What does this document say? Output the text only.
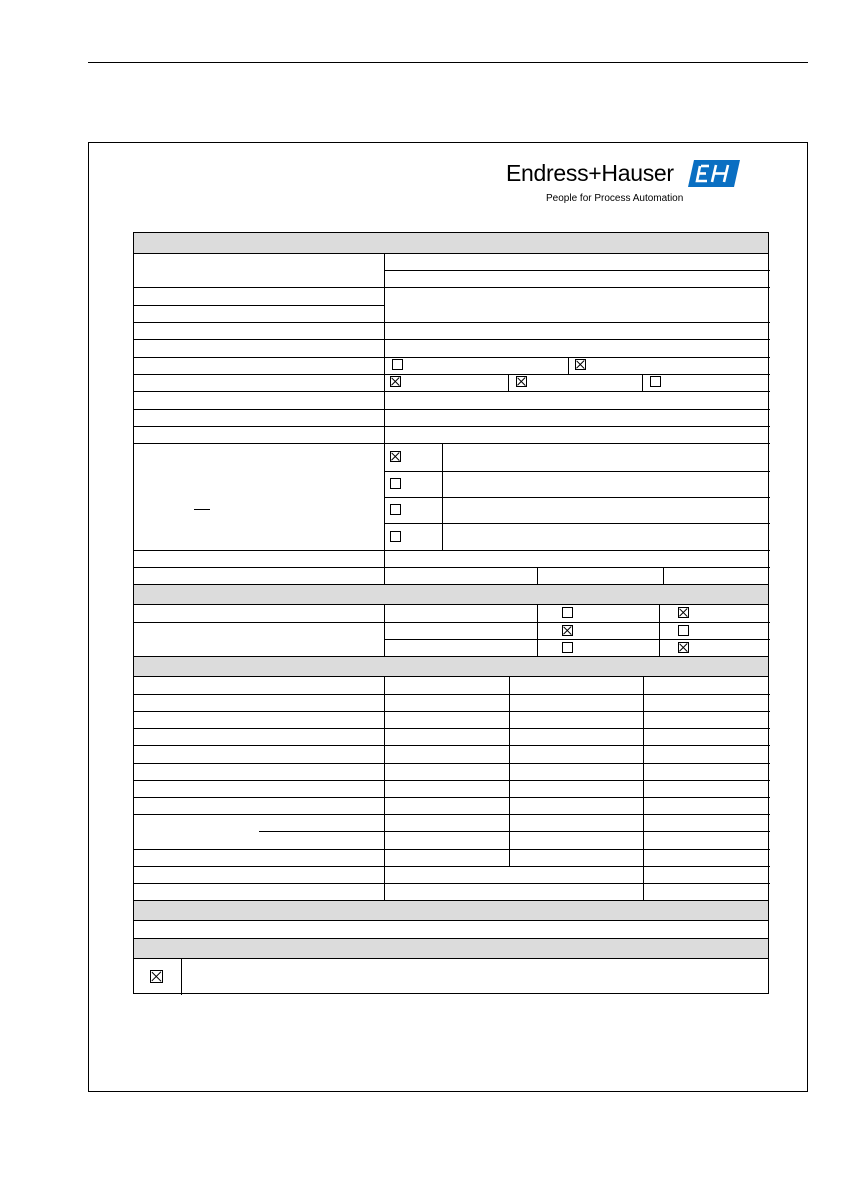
Endress+Hauser
People for Process Automation
